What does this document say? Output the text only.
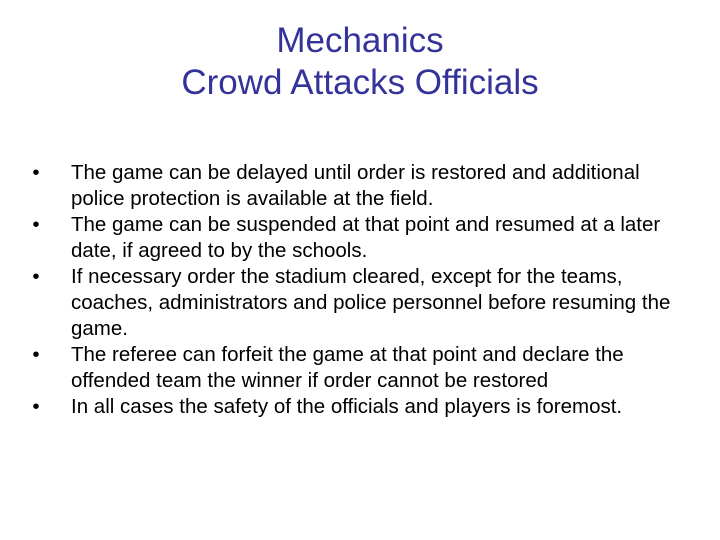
Mechanics
Crowd Attacks Officials
• The game can be delayed until order is restored and additional police protection is available at the field.
• The game can be suspended at that point and resumed at a later date, if agreed to by the schools.
• If necessary order the stadium cleared, except for the teams, coaches, administrators and police personnel before resuming the game.
• The referee can forfeit the game at that point and declare the offended team the winner if order cannot be restored
• In all cases the safety of the officials and players is foremost.
